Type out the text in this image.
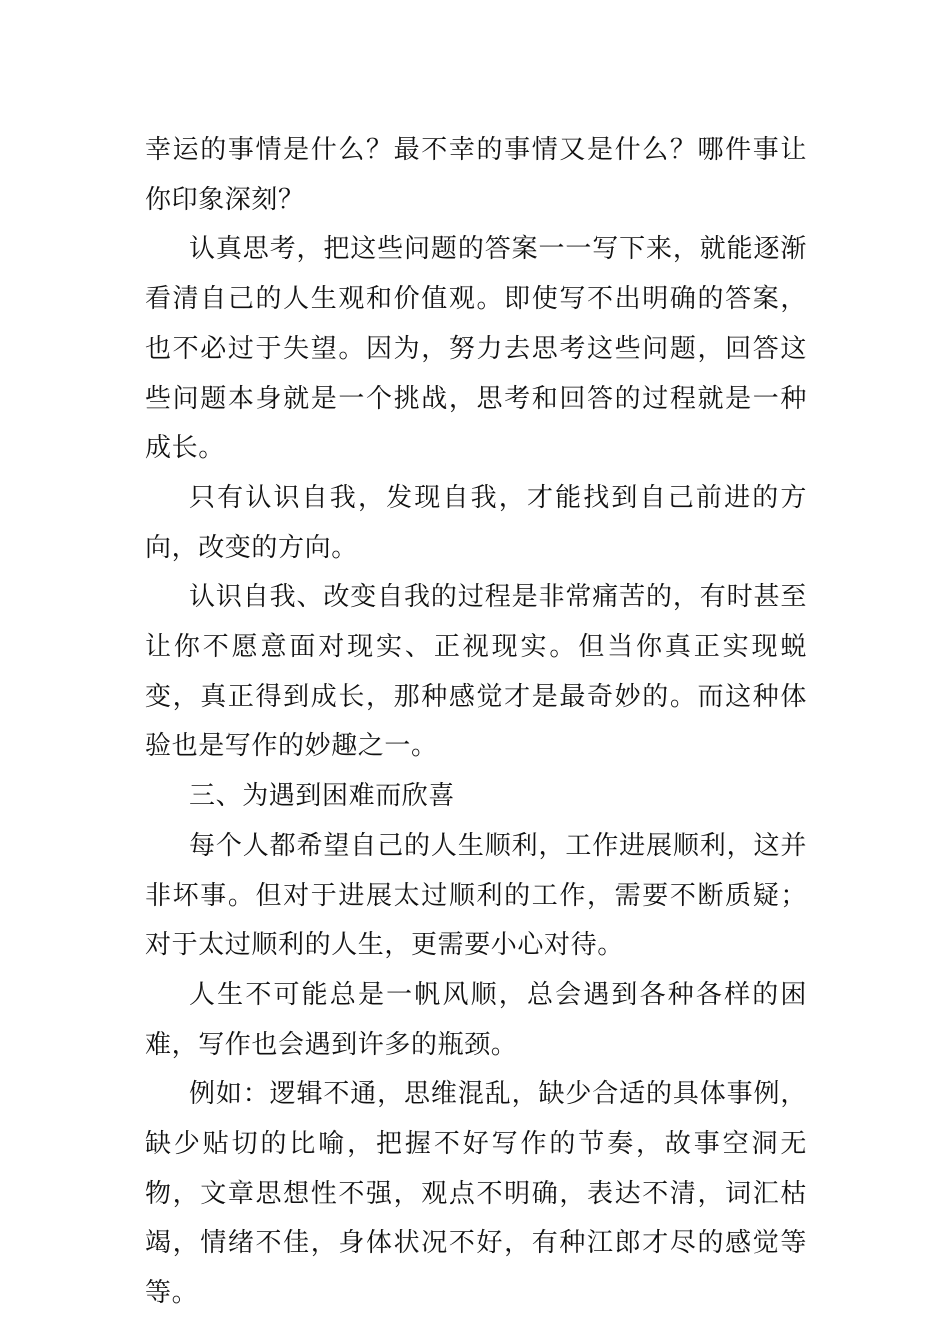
幸运的事情是什么？最不幸的事情又是什么？哪件事让你印象深刻？

认真思考，把这些问题的答案一一写下来，就能逐渐看清自己的人生观和价值观。即使写不出明确的答案，也不必过于失望。因为，努力去思考这些问题，回答这些问题本身就是一个挑战，思考和回答的过程就是一种成长。

只有认识自我，发现自我，才能找到自己前进的方向，改变的方向。

认识自我、改变自我的过程是非常痛苦的，有时甚至让你不愿意面对现实、正视现实。但当你真正实现蜕变，真正得到成长，那种感觉才是最奇妙的。而这种体验也是写作的妙趣之一。

三、为遇到困难而欣喜

每个人都希望自己的人生顺利，工作进展顺利，这并非坏事。但对于进展太过顺利的工作，需要不断质疑；对于太过顺利的人生，更需要小心对待。

人生不可能总是一帆风顺，总会遇到各种各样的困难，写作也会遇到许多的瓶颈。

例如：逻辑不通，思维混乱，缺少合适的具体事例，缺少贴切的比喻，把握不好写作的节奏，故事空洞无物，文章思想性不强，观点不明确，表达不清，词汇枯竭，情绪不佳，身体状况不好，有种江郎才尽的感觉等等。
